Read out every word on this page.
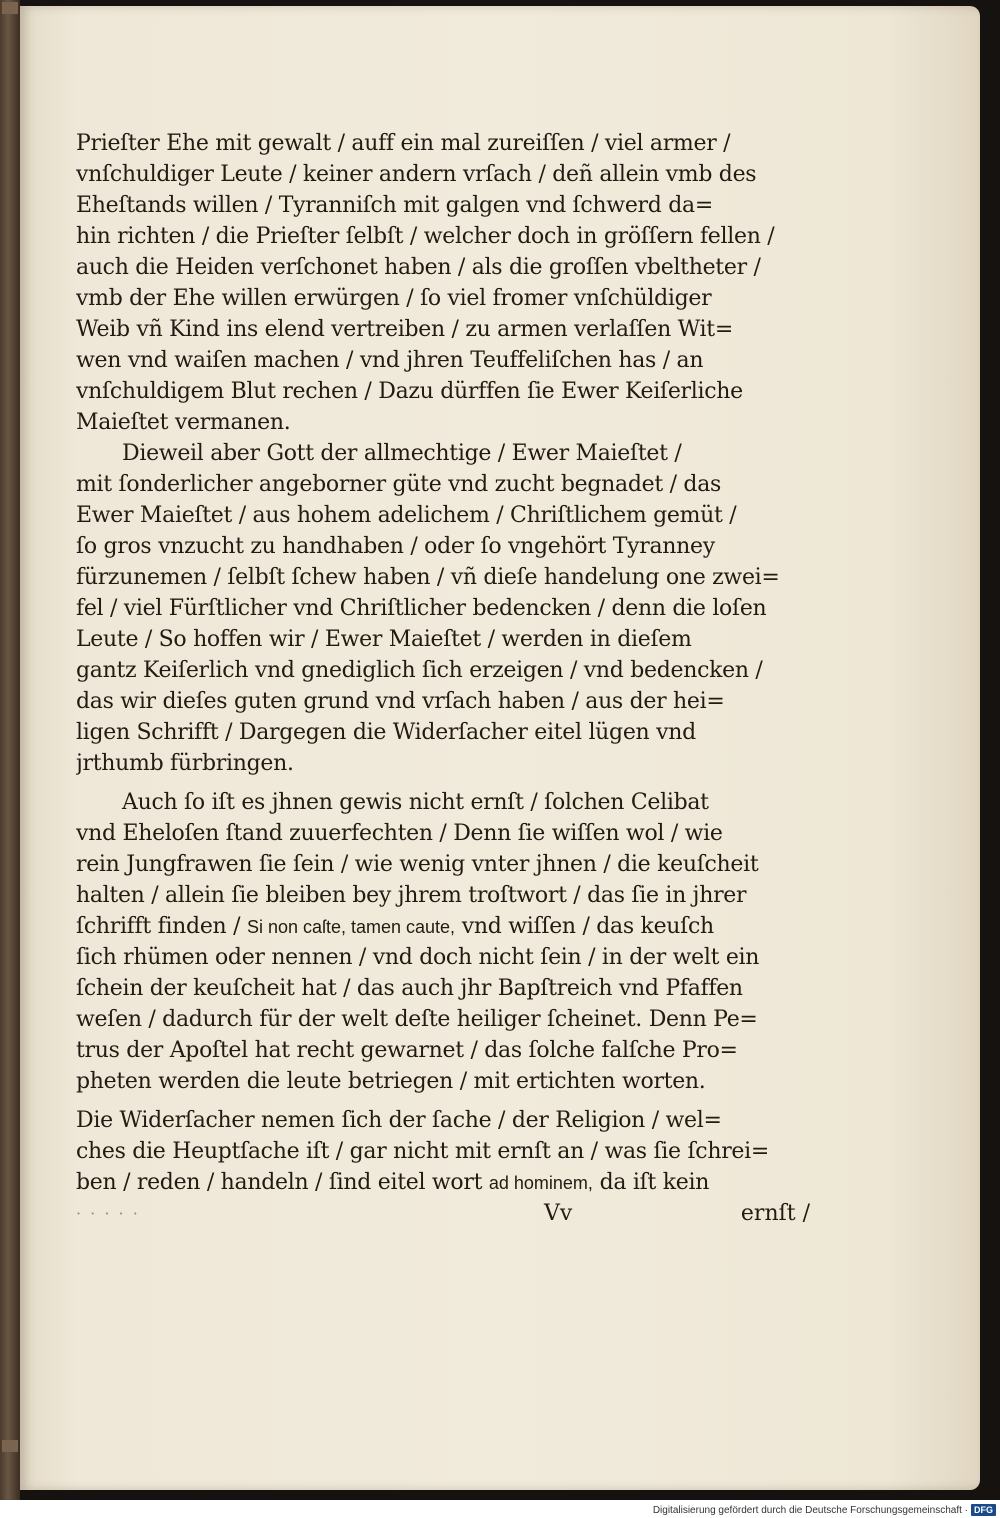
Prieſter Ehe mit gewalt / auff ein mal zureiſſen / viel armer /
vnſchuldiger Leute / keiner andern vrſach / deñ allein vmb des
Eheſtands willen / Tyranniſch mit galgen vnd ſchwerd da=
hin richten / die Prieſter ſelbſt / welcher doch in gröſſern fellen /
auch die Heiden verſchonet haben / als die groſſen vbeltheter /
vmb der Ehe willen erwürgen / ſo viel fromer vnſchüldiger
Weib vñ Kind ins elend vertreiben / zu armen verlaſſen Wit=
wen vnd waiſen machen / vnd jhren Teuffeliſchen has / an
vnſchuldigem Blut rechen / Dazu dürffen ſie Ewer Keiſerliche
Maieſtet vermanen.
Dieweil aber Gott der allmechtige / Ewer Maieſtet /
mit ſonderlicher angeborner güte vnd zucht begnadet / das
Ewer Maieſtet / aus hohem adelichem / Chriſtlichem gemüt /
ſo gros vnzucht zu handhaben / oder ſo vngehört Tyranney
fürzunemen / ſelbſt ſchew haben / vñ dieſe handelung one zwei=
fel / viel Fürſtlicher vnd Chriſtlicher bedencken / denn die loſen
Leute / So hoffen wir / Ewer Maieſtet / werden in dieſem
gantz Keiſerlich vnd gnediglich ſich erzeigen / vnd bedencken /
das wir dieſes guten grund vnd vrſach haben / aus der hei=
ligen Schrifft / Dargegen die Widerſacher eitel lügen vnd
jrthumb fürbringen.
Auch ſo iſt es jhnen gewis nicht ernſt / ſolchen Celibat
vnd Eheloſen ſtand zuuerfechten / Denn ſie wiſſen wol / wie
rein Jungfrawen ſie ſein / wie wenig vnter jhnen / die keuſcheit
halten / allein ſie bleiben bey jhrem troſtwort / das ſie in jhrer
ſchrifft finden / Si non caſte, tamen caute, vnd wiſſen / das keuſch
ſich rhümen oder nennen / vnd doch nicht ſein / in der welt ein
ſchein der keuſcheit hat / das auch jhr Bapſtreich vnd Pfaffen
weſen / dadurch für der welt deſte heiliger ſcheinet. Denn Pe=
trus der Apoſtel hat recht gewarnet / das ſolche falſche Pro=
pheten werden die leute betriegen / mit ertichten worten.
Die Widerſacher nemen ſich der ſache / der Religion / wel=
ches die Heuptſache iſt / gar nicht mit ernſt an / was ſie ſchrei=
ben / reden / handeln / ſind eitel wort ad hominem, da iſt kein
· · · · ·	Vv	ernſt /
Digitalisierung gefördert durch die Deutsche Forschungsgemeinschaft · DFG
